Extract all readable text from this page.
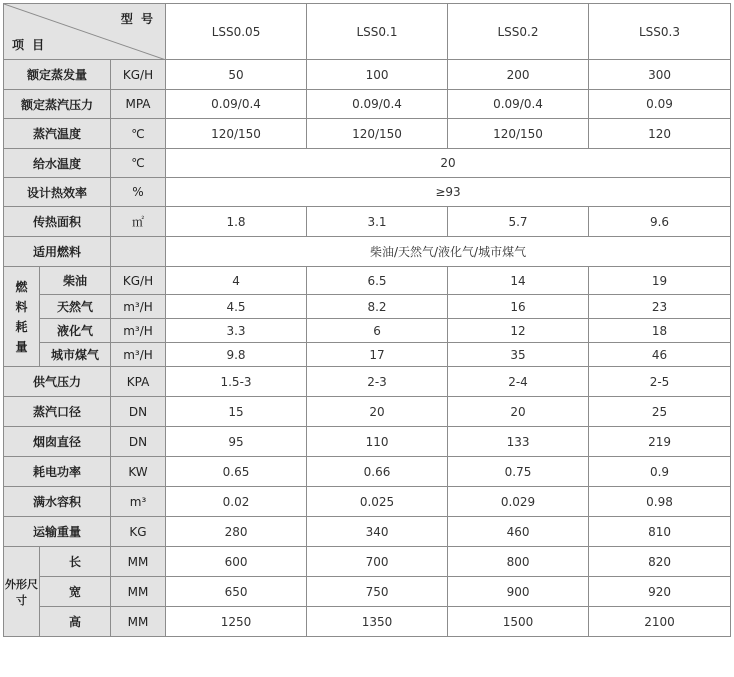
型 号
项 目			LSS0.05	LSS0.1	LSS0.2	LSS0.3
额定蒸发量		KG/H	50	100	200	300
额定蒸汽压力		MPA	0.09/0.4	0.09/0.4	0.09/0.4	0.09
蒸汽温度		℃	120/150	120/150	120/150	120
给水温度		℃	20			
设计热效率		%	≥93			
传热面积		㎡	1.8	3.1	5.7	9.6
适用燃料			柴油/天然气/液化气/城市煤气			

燃
料
耗
量	柴油	KG/H	4	6.5	14	19
	天然气	m³/H	4.5	8.2	16	23
	液化气	m³/H	3.3	6	12	18
	城市煤气	m³/H	9.8	17	35	46
供气压力		KPA	1.5-3	2-3	2-4	2-5
蒸汽口径		DN	15	20	20	25
烟囱直径		DN	95	110	133	219
耗电功率		KW	0.65	0.66	0.75	0.9
满水容积		m³	0.02	0.025	0.029	0.98
运输重量		KG	280	340	460	810
外形尺寸	长	MM	600	700	800	820
	宽	MM	650	750	900	920
	高	MM	1250	1350	1500	2100
